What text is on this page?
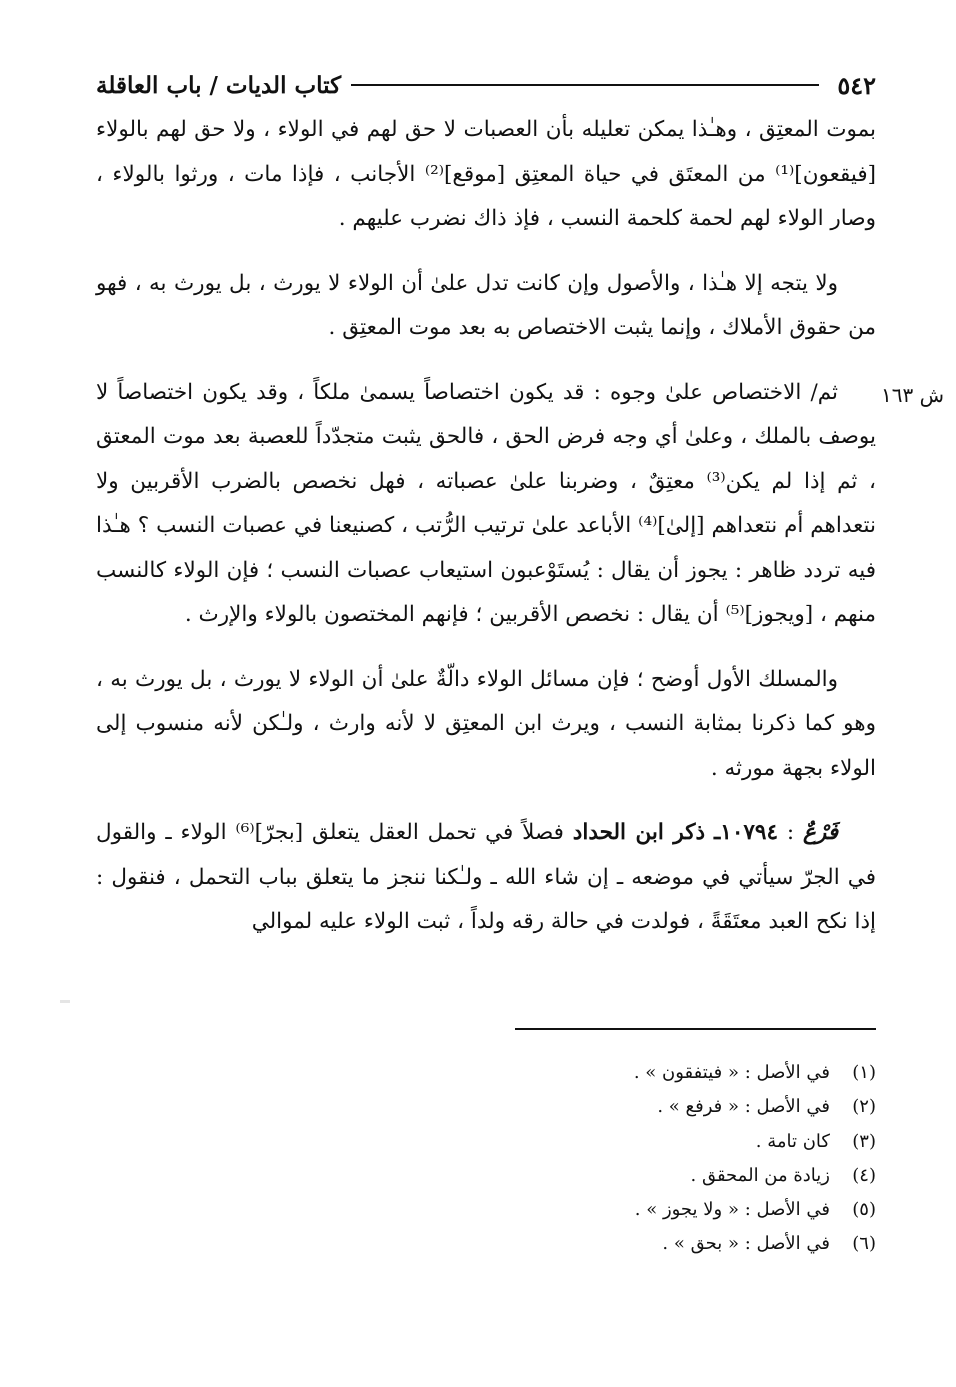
٥٤٢
كتاب الديات / باب العاقلة

بموت المعتِق ، وهـٰذا يمكن تعليله بأن العصبات لا حق لهم في الولاء ، ولا حق لهم بالولاء [فيقعون]⁽¹⁾ من المعتَق في حياة المعتِق [موقع]⁽²⁾ الأجانب ، فإذا مات ، ورثوا بالولاء ، وصار الولاء لهم لحمة كلحمة النسب ، فإذ ذاك نضرب عليهم .

ولا يتجه إلا هـٰذا ، والأصول وإن كانت تدل علىٰ أن الولاء لا يورث ، بل يورث به ، فهو من حقوق الأملاك ، وإنما يثبت الاختصاص به بعد موت المعتِق .

ثم/ الاختصاص علىٰ وجوه : قد يكون اختصاصاً يسمىٰ ملكاً ، وقد يكون اختصاصاً لا يوصف بالملك ، وعلىٰ أي وجه فرض الحق ، فالحق يثبت متجدّداً للعصبة بعد موت المعتق ، ثم إذا لم يكن⁽³⁾ معتِقٌ ، وضربنا علىٰ عصباته ، فهل نخصص بالضرب الأقربين ولا نتعداهم أم نتعداهم [إلىٰ]⁽⁴⁾ الأباعد علىٰ ترتيب الرُّتب ، كصنيعنا في عصبات النسب ؟ هـٰذا فيه تردد ظاهر : يجوز أن يقال : يُستَوْعبون استيعاب عصبات النسب ؛ فإن الولاء كالنسب منهم ، [ويجوز]⁽⁵⁾ أن يقال : نخصص الأقربين ؛ فإنهم المختصون بالولاء والإرث .

والمسلك الأول أوضح ؛ فإن مسائل الولاء دالّةٌ علىٰ أن الولاء لا يورث ، بل يورث به ، وهو كما ذكرنا بمثابة النسب ، ويرث ابن المعتِق لا لأنه وارث ، ولـٰكن لأنه منسوب إلى الولاء بجهة مورثه .

فَرْعٌ : ١٠٧٩٤ـ ذكر ابن الحداد فصلاً في تحمل العقل يتعلق [بجرّ]⁽⁶⁾ الولاء ـ والقول في الجرّ سيأتي في موضعه ـ إن شاء الله ـ ولـٰكنا ننجز ما يتعلق بباب التحمل ، فنقول : إذا نكح العبد معتَقَةً ، فولدت في حالة رقه ولداً ، ثبت الولاء عليه لموالي

ش ١٦٣
(١)
في الأصل : « فيتفقون » .
(٢)
في الأصل : « فرفع » .
(٣)
كان تامة .
(٤)
زيادة من المحقق .
(٥)
في الأصل : « ولا يجوز » .
(٦)
في الأصل : « بحق » .
